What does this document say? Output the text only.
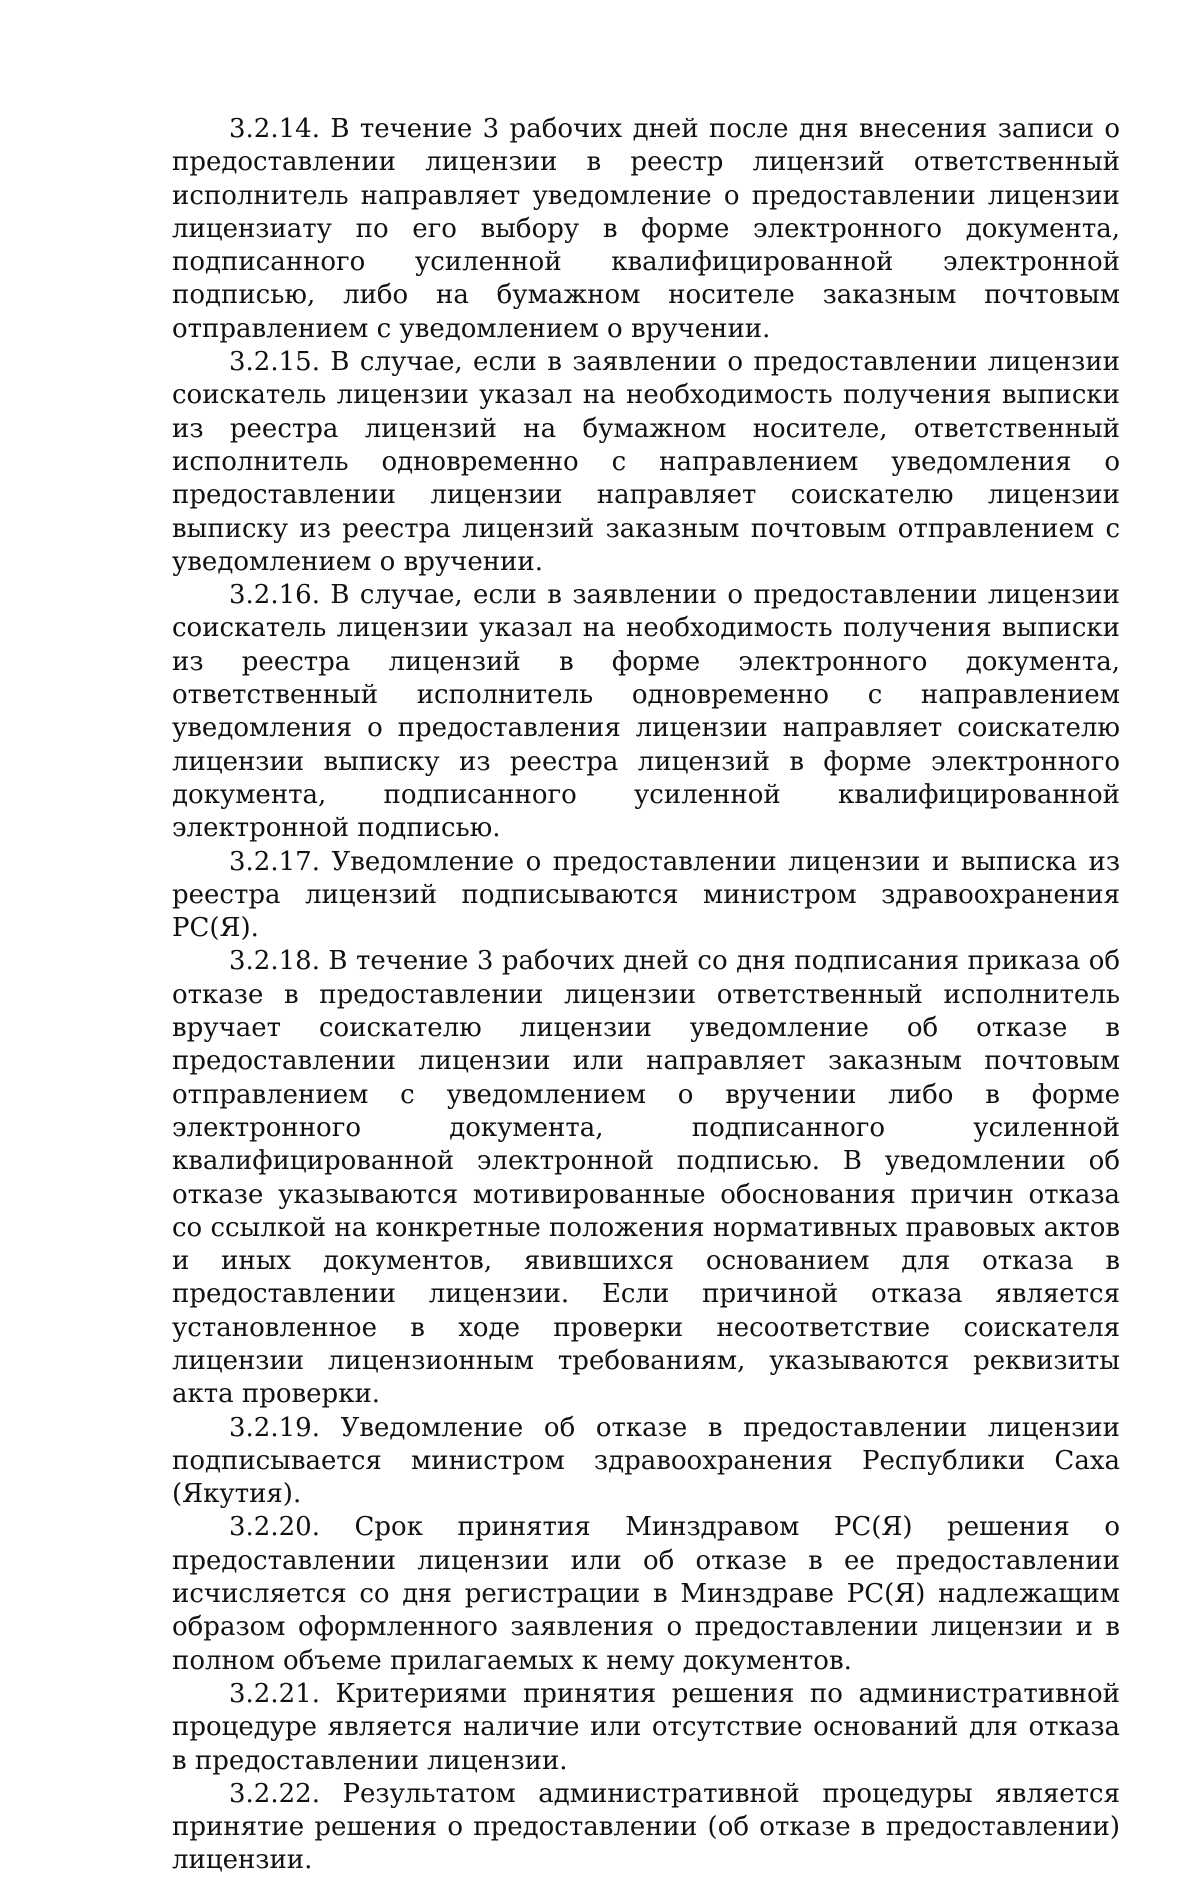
3.2.14. В течение 3 рабочих дней после дня внесения записи о предоставлении лицензии в реестр лицензий ответственный исполнитель направляет уведомление о предоставлении лицензии лицензиату по его выбору в форме электронного документа, подписанного усиленной квалифицированной электронной подписью, либо на бумажном носителе заказным почтовым отправлением с уведомлением о вручении.

3.2.15. В случае, если в заявлении о предоставлении лицензии соискатель лицензии указал на необходимость получения выписки из реестра лицензий на бумажном носителе, ответственный исполнитель одновременно с направлением уведомления о предоставлении лицензии направляет соискателю лицензии выписку из реестра лицензий заказным почтовым отправлением с уведомлением о вручении.

3.2.16. В случае, если в заявлении о предоставлении лицензии соискатель лицензии указал на необходимость получения выписки из реестра лицензий в форме электронного документа, ответственный исполнитель одновременно с направлением уведомления о предоставления лицензии направляет соискателю лицензии выписку из реестра лицензий в форме электронного документа, подписанного усиленной квалифицированной электронной подписью.

3.2.17. Уведомление о предоставлении лицензии и выписка из реестра лицензий подписываются министром здравоохранения РС(Я).

3.2.18. В течение 3 рабочих дней со дня подписания приказа об отказе в предоставлении лицензии ответственный исполнитель вручает соискателю лицензии уведомление об отказе в предоставлении лицензии или направляет заказным почтовым отправлением с уведомлением о вручении либо в форме электронного документа, подписанного усиленной квалифицированной электронной подписью. В уведомлении об отказе указываются мотивированные обоснования причин отказа со ссылкой на конкретные положения нормативных правовых актов и иных документов, явившихся основанием для отказа в предоставлении лицензии. Если причиной отказа является установленное в ходе проверки несоответствие соискателя лицензии лицензионным требованиям, указываются реквизиты акта проверки.

3.2.19. Уведомление об отказе в предоставлении лицензии подписывается министром здравоохранения Республики Саха (Якутия).

3.2.20. Срок принятия Минздравом РС(Я) решения о предоставлении лицензии или об отказе в ее предоставлении исчисляется со дня регистрации в Минздраве РС(Я) надлежащим образом оформленного заявления о предоставлении лицензии и в полном объеме прилагаемых к нему документов.

3.2.21. Критериями принятия решения по административной процедуре является наличие или отсутствие оснований для отказа в предоставлении лицензии.

3.2.22. Результатом административной процедуры является принятие решения о предоставлении (об отказе в предоставлении) лицензии.
